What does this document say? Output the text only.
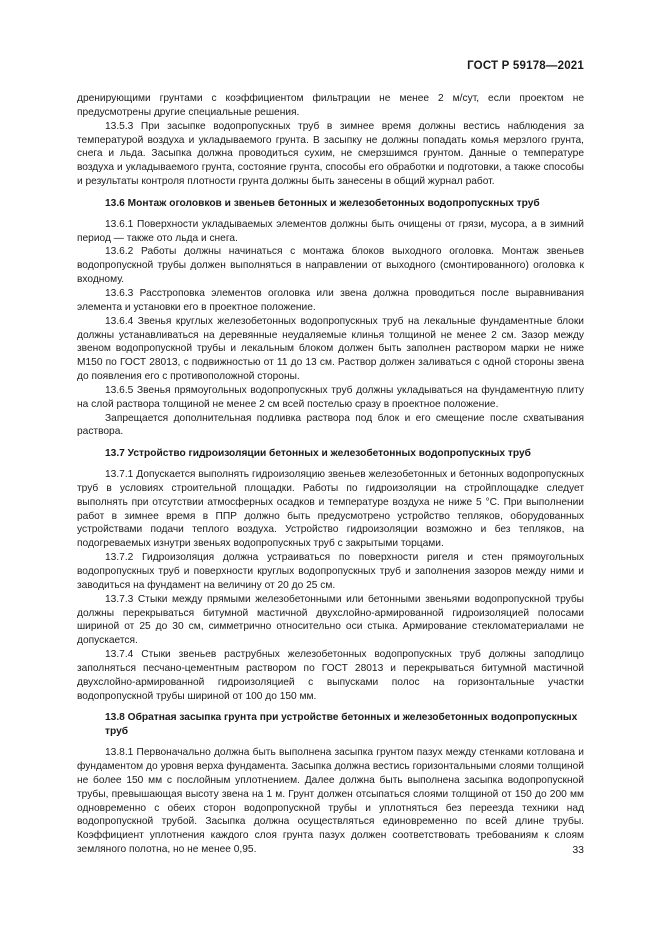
ГОСТ Р 59178—2021

дренирующими грунтами с коэффициентом фильтрации не менее 2 м/сут, если проектом не предусмотрены другие специальные решения.

13.5.3 При засыпке водопропускных труб в зимнее время должны вестись наблюдения за температурой воздуха и укладываемого грунта. В засыпку не должны попадать комья мерзлого грунта, снега и льда. Засыпка должна проводиться сухим, не смерзшимся грунтом. Данные о температуре воздуха и укладываемого грунта, состояние грунта, способы его обработки и подготовки, а также способы и результаты контроля плотности грунта должны быть занесены в общий журнал работ.

13.6 Монтаж оголовков и звеньев бетонных и железобетонных водопропускных труб

13.6.1 Поверхности укладываемых элементов должны быть очищены от грязи, мусора, а в зимний период — также ото льда и снега.

13.6.2 Работы должны начинаться с монтажа блоков выходного оголовка. Монтаж звеньев водопропускной трубы должен выполняться в направлении от выходного (смонтированного) оголовка к входному.

13.6.3 Расстроповка элементов оголовка или звена должна проводиться после выравнивания элемента и установки его в проектное положение.

13.6.4 Звенья круглых железобетонных водопропускных труб на лекальные фундаментные блоки должны устанавливаться на деревянные неудаляемые клинья толщиной не менее 2 см. Зазор между звеном водопропускной трубы и лекальным блоком должен быть заполнен раствором марки не ниже М150 по ГОСТ 28013, с подвижностью от 11 до 13 см. Раствор должен заливаться с одной стороны звена до появления его с противоположной стороны.

13.6.5 Звенья прямоугольных водопропускных труб должны укладываться на фундаментную плиту на слой раствора толщиной не менее 2 см всей постелью сразу в проектное положение.

Запрещается дополнительная подливка раствора под блок и его смещение после схватывания раствора.

13.7 Устройство гидроизоляции бетонных и железобетонных водопропускных труб

13.7.1 Допускается выполнять гидроизоляцию звеньев железобетонных и бетонных водопропускных труб в условиях строительной площадки. Работы по гидроизоляции на стройплощадке следует выполнять при отсутствии атмосферных осадков и температуре воздуха не ниже 5 °С. При выполнении работ в зимнее время в ППР должно быть предусмотрено устройство тепляков, оборудованных устройствами подачи теплого воздуха. Устройство гидроизоляции возможно и без тепляков, на подогреваемых изнутри звеньях водопропускных труб с закрытыми торцами.

13.7.2 Гидроизоляция должна устраиваться по поверхности ригеля и стен прямоугольных водопропускных труб и поверхности круглых водопропускных труб и заполнения зазоров между ними и заводиться на фундамент на величину от 20 до 25 см.

13.7.3 Стыки между прямыми железобетонными или бетонными звеньями водопропускной трубы должны перекрываться битумной мастичной двухслойно-армированной гидроизоляцией полосами шириной от 25 до 30 см, симметрично относительно оси стыка. Армирование стекломатериалами не допускается.

13.7.4 Стыки звеньев раструбных железобетонных водопропускных труб должны заподлицо заполняться песчано-цементным раствором по ГОСТ 28013 и перекрываться битумной мастичной двухслойно-армированной гидроизоляцией с выпусками полос на горизонтальные участки водопропускной трубы шириной от 100 до 150 мм.

13.8 Обратная засыпка грунта при устройстве бетонных и железобетонных водопропускных труб

13.8.1 Первоначально должна быть выполнена засыпка грунтом пазух между стенками котлована и фундаментом до уровня верха фундамента. Засыпка должна вестись горизонтальными слоями толщиной не более 150 мм с послойным уплотнением. Далее должна быть выполнена засыпка водопропускной трубы, превышающая высоту звена на 1 м. Грунт должен отсыпаться слоями толщиной от 150 до 200 мм одновременно с обеих сторон водопропускной трубы и уплотняться без переезда техники над водопропускной трубой. Засыпка должна осуществляться единовременно по всей длине трубы. Коэффициент уплотнения каждого слоя грунта пазух должен соответствовать требованиям к слоям земляного полотна, но не менее 0,95.	33
